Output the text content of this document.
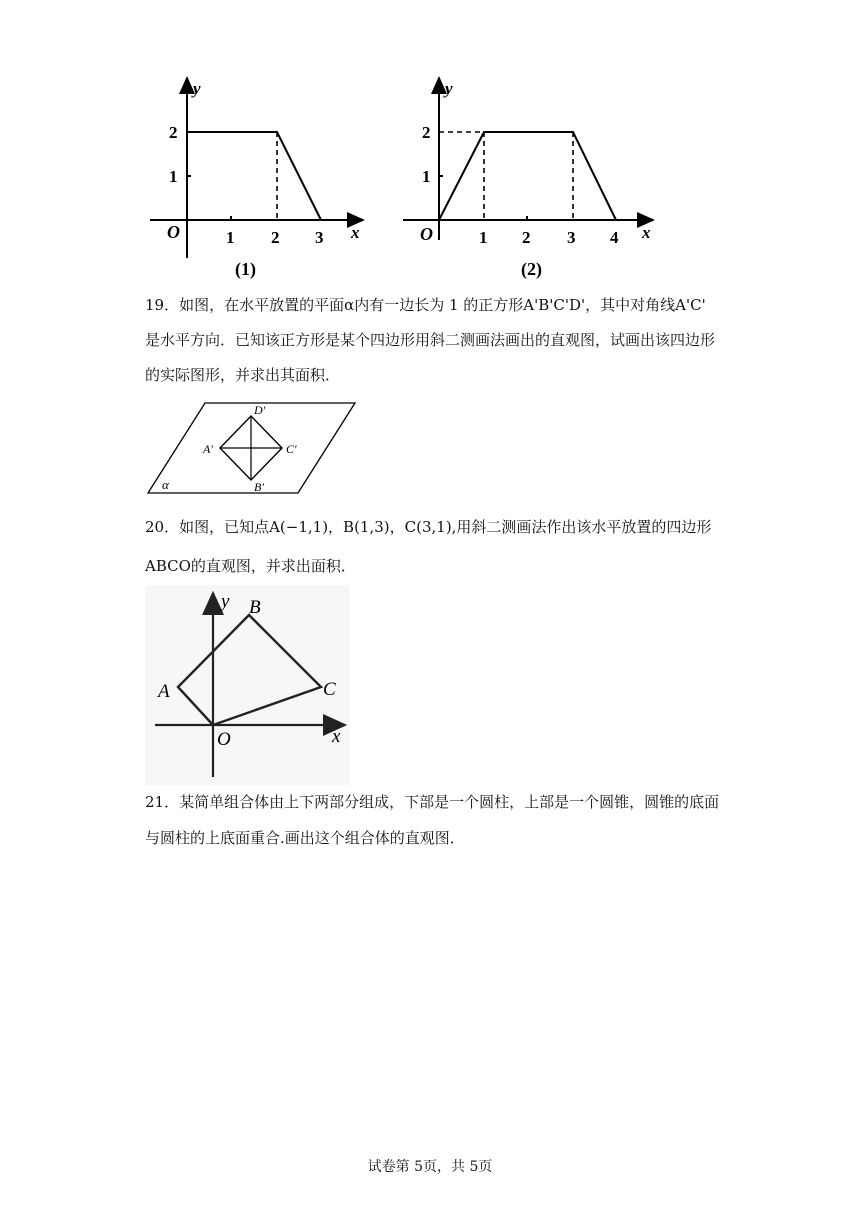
y
x
O	1 2 3
1
2
(1)
y
x
O	1 2 3 4
1
2
(2)
19．如图，在水平放置的平面α内有一边长为 1 的正方形A'B'C'D'，其中对角线A'C'
是水平方向．已知该正方形是某个四边形用斜二测画法画出的直观图，试画出该四边形
的实际图形，并求出其面积．
D′
A′	C′
B′
α
20．如图，已知点A(−1,1)，B(1,3)，C(3,1),用斜二测画法作出该水平放置的四边形
ABCO的直观图，并求出面积．
y B
A	C
O	x
21．某简单组合体由上下两部分组成，下部是一个圆柱，上部是一个圆锥，圆锥的底面
与圆柱的上底面重合.画出这个组合体的直观图．
试卷第 5页，共 5页
